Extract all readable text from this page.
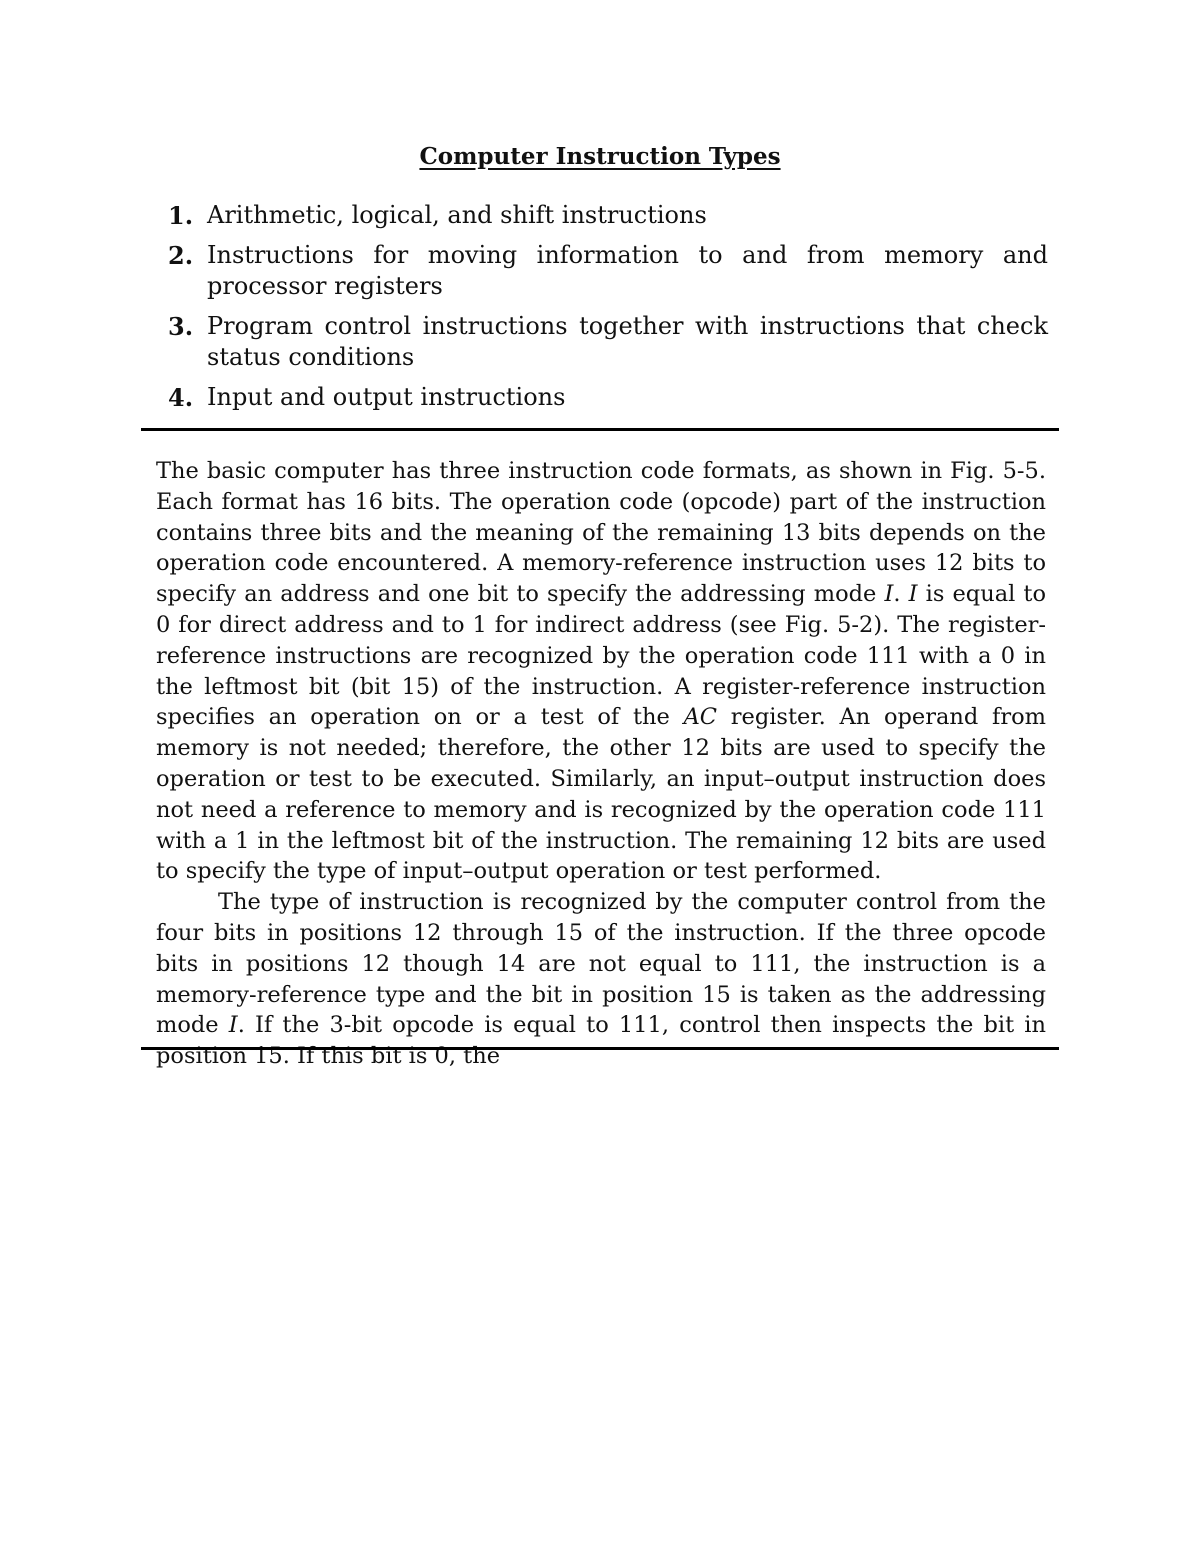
Computer Instruction Types
1. Arithmetic, logical, and shift instructions
2. Instructions for moving information to and from memory and processor registers
3. Program control instructions together with instructions that check status conditions
4. Input and output instructions

The basic computer has three instruction code formats, as shown in Fig. 5-5. Each format has 16 bits. The operation code (opcode) part of the instruction contains three bits and the meaning of the remaining 13 bits depends on the operation code encountered. A memory-reference instruction uses 12 bits to specify an address and one bit to specify the addressing mode I. I is equal to 0 for direct address and to 1 for indirect address (see Fig. 5-2). The register-reference instructions are recognized by the operation code 111 with a 0 in the leftmost bit (bit 15) of the instruction. A register-reference instruction specifies an operation on or a test of the AC register. An operand from memory is not needed; therefore, the other 12 bits are used to specify the operation or test to be executed. Similarly, an input–output instruction does not need a reference to memory and is recognized by the operation code 111 with a 1 in the leftmost bit of the instruction. The remaining 12 bits are used to specify the type of input–output operation or test performed.

The type of instruction is recognized by the computer control from the four bits in positions 12 through 15 of the instruction. If the three opcode bits in positions 12 though 14 are not equal to 111, the instruction is a memory-reference type and the bit in position 15 is taken as the addressing mode I. If the 3-bit opcode is equal to 111, control then inspects the bit in position 15. If this bit is 0, the
